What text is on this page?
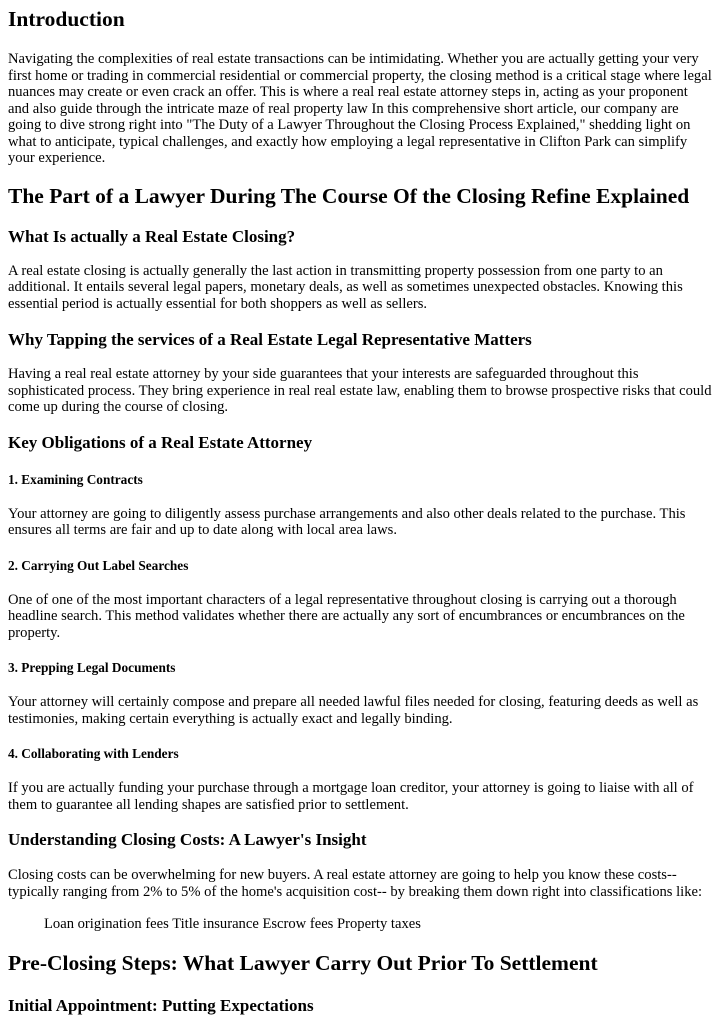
Introduction

Navigating the complexities of real estate transactions can be intimidating. Whether you are actually getting your very first home or trading in commercial residential or commercial property, the closing method is a critical stage where legal nuances may create or even crack an offer. This is where a real real estate attorney steps in, acting as your proponent and also guide through the intricate maze of real property law In this comprehensive short article, our company are going to dive strong right into "The Duty of a Lawyer Throughout the Closing Process Explained," shedding light on what to anticipate, typical challenges, and exactly how employing a legal representative in Clifton Park can simplify your experience.

The Part of a Lawyer During The Course Of the Closing Refine Explained
What Is actually a Real Estate Closing?

A real estate closing is actually generally the last action in transmitting property possession from one party to an additional. It entails several legal papers, monetary deals, as well as sometimes unexpected obstacles. Knowing this essential period is actually essential for both shoppers as well as sellers.

Why Tapping the services of a Real Estate Legal Representative Matters

Having a real real estate attorney by your side guarantees that your interests are safeguarded throughout this sophisticated process. They bring experience in real real estate law, enabling them to browse prospective risks that could come up during the course of closing.

Key Obligations of a Real Estate Attorney
1. Examining Contracts

Your attorney are going to diligently assess purchase arrangements and also other deals related to the purchase. This ensures all terms are fair and up to date along with local area laws.

2. Carrying Out Label Searches

One of one of the most important characters of a legal representative throughout closing is carrying out a thorough headline search. This method validates whether there are actually any sort of encumbrances or encumbrances on the property.

3. Prepping Legal Documents

Your attorney will certainly compose and prepare all needed lawful files needed for closing, featuring deeds as well as testimonies, making certain everything is actually exact and legally binding.

4. Collaborating with Lenders

If you are actually funding your purchase through a mortgage loan creditor, your attorney is going to liaise with all of them to guarantee all lending shapes are satisfied prior to settlement.

Understanding Closing Costs: A Lawyer's Insight

Closing costs can be overwhelming for new buyers. A real estate attorney are going to help you know these costs-- typically ranging from 2% to 5% of the home's acquisition cost-- by breaking them down right into classifications like:

Loan origination fees Title insurance Escrow fees Property taxes
Pre-Closing Steps: What Lawyer Carry Out Prior To Settlement
Initial Appointment: Putting Expectations
